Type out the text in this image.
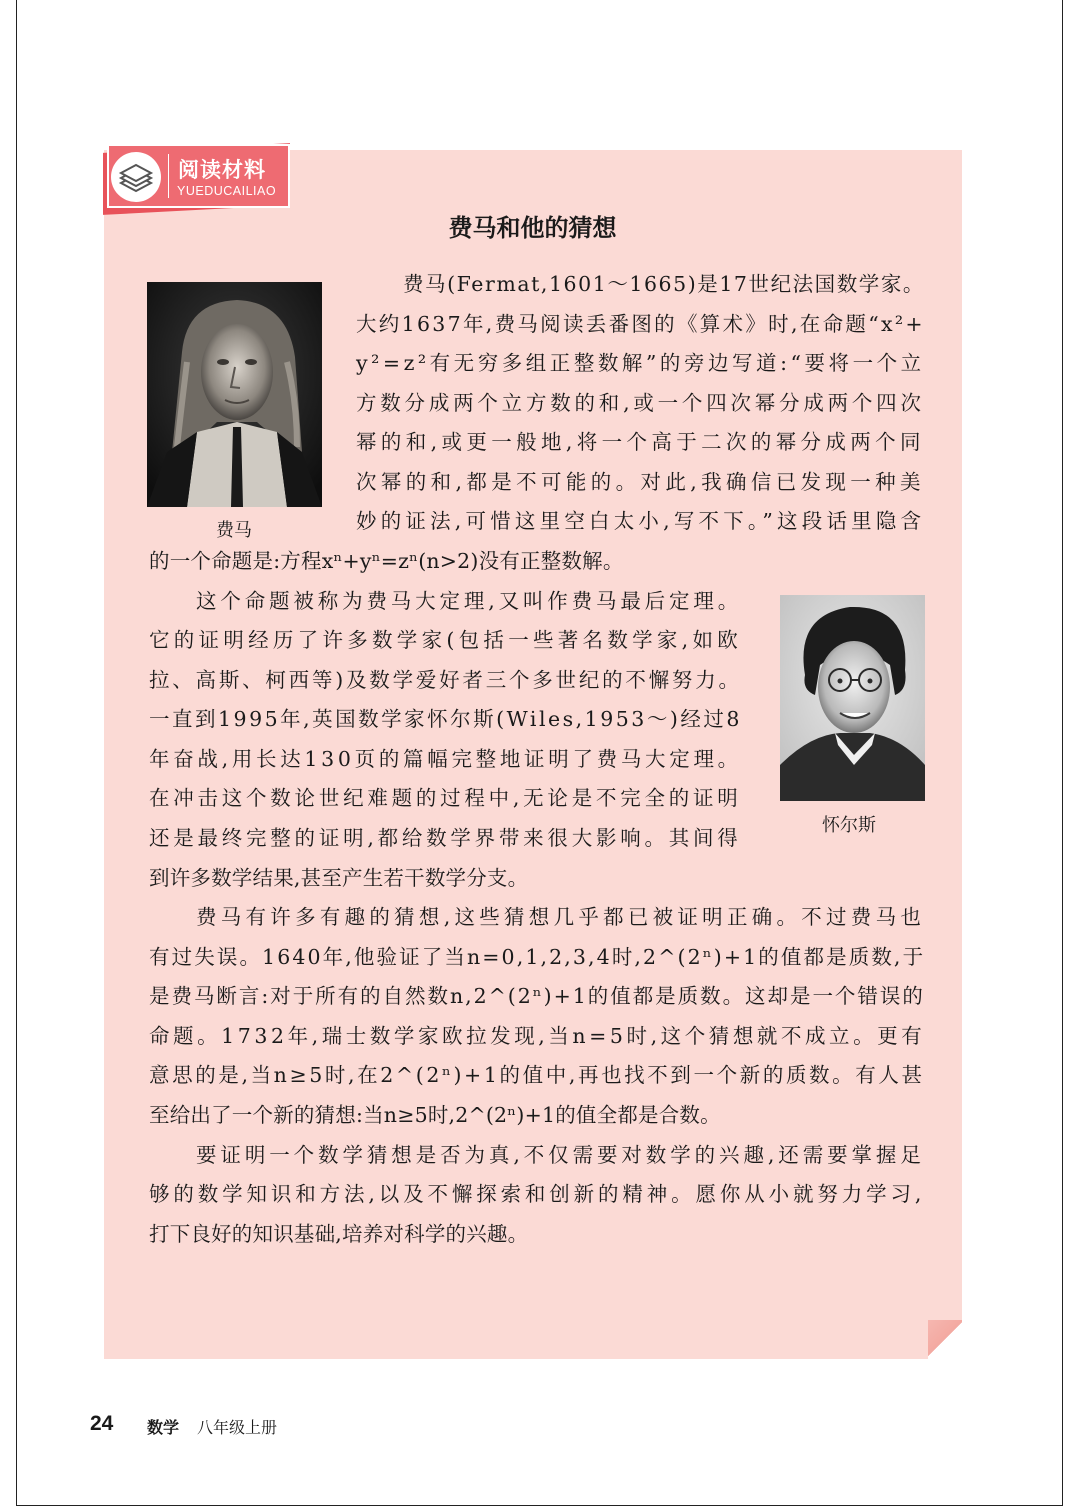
阅读材料
YUEDUCAILIAO
费马和他的猜想
费马
怀尔斯
费马(Fermat,1601～1665)是17世纪法国数学家。
大约1637年,费马阅读丢番图的《算术》时,在命题“x²+
y²=z²有无穷多组正整数解”的旁边写道:“要将一个立
方数分成两个立方数的和,或一个四次幂分成两个四次
幂的和,或更一般地,将一个高于二次的幂分成两个同
次幂的和,都是不可能的。对此,我确信已发现一种美
妙的证法,可惜这里空白太小,写不下。”这段话里隐含
的一个命题是:方程xⁿ+yⁿ=zⁿ(n>2)没有正整数解。
这个命题被称为费马大定理,又叫作费马最后定理。
它的证明经历了许多数学家(包括一些著名数学家,如欧
拉、高斯、柯西等)及数学爱好者三个多世纪的不懈努力。
一直到1995年,英国数学家怀尔斯(Wiles,1953～)经过8
年奋战,用长达130页的篇幅完整地证明了费马大定理。
在冲击这个数论世纪难题的过程中,无论是不完全的证明
还是最终完整的证明,都给数学界带来很大影响。其间得
到许多数学结果,甚至产生若干数学分支。
费马有许多有趣的猜想,这些猜想几乎都已被证明正确。不过费马也
有过失误。1640年,他验证了当n=0,1,2,3,4时,2^(2ⁿ)+1的值都是质数,于
是费马断言:对于所有的自然数n,2^(2ⁿ)+1的值都是质数。这却是一个错误的
命题。1732年,瑞士数学家欧拉发现,当n=5时,这个猜想就不成立。更有
意思的是,当n≥5时,在2^(2ⁿ)+1的值中,再也找不到一个新的质数。有人甚
至给出了一个新的猜想:当n≥5时,2^(2ⁿ)+1的值全都是合数。
要证明一个数学猜想是否为真,不仅需要对数学的兴趣,还需要掌握足
够的数学知识和方法,以及不懈探索和创新的精神。愿你从小就努力学习,
打下良好的知识基础,培养对科学的兴趣。
24 数学 八年级上册
